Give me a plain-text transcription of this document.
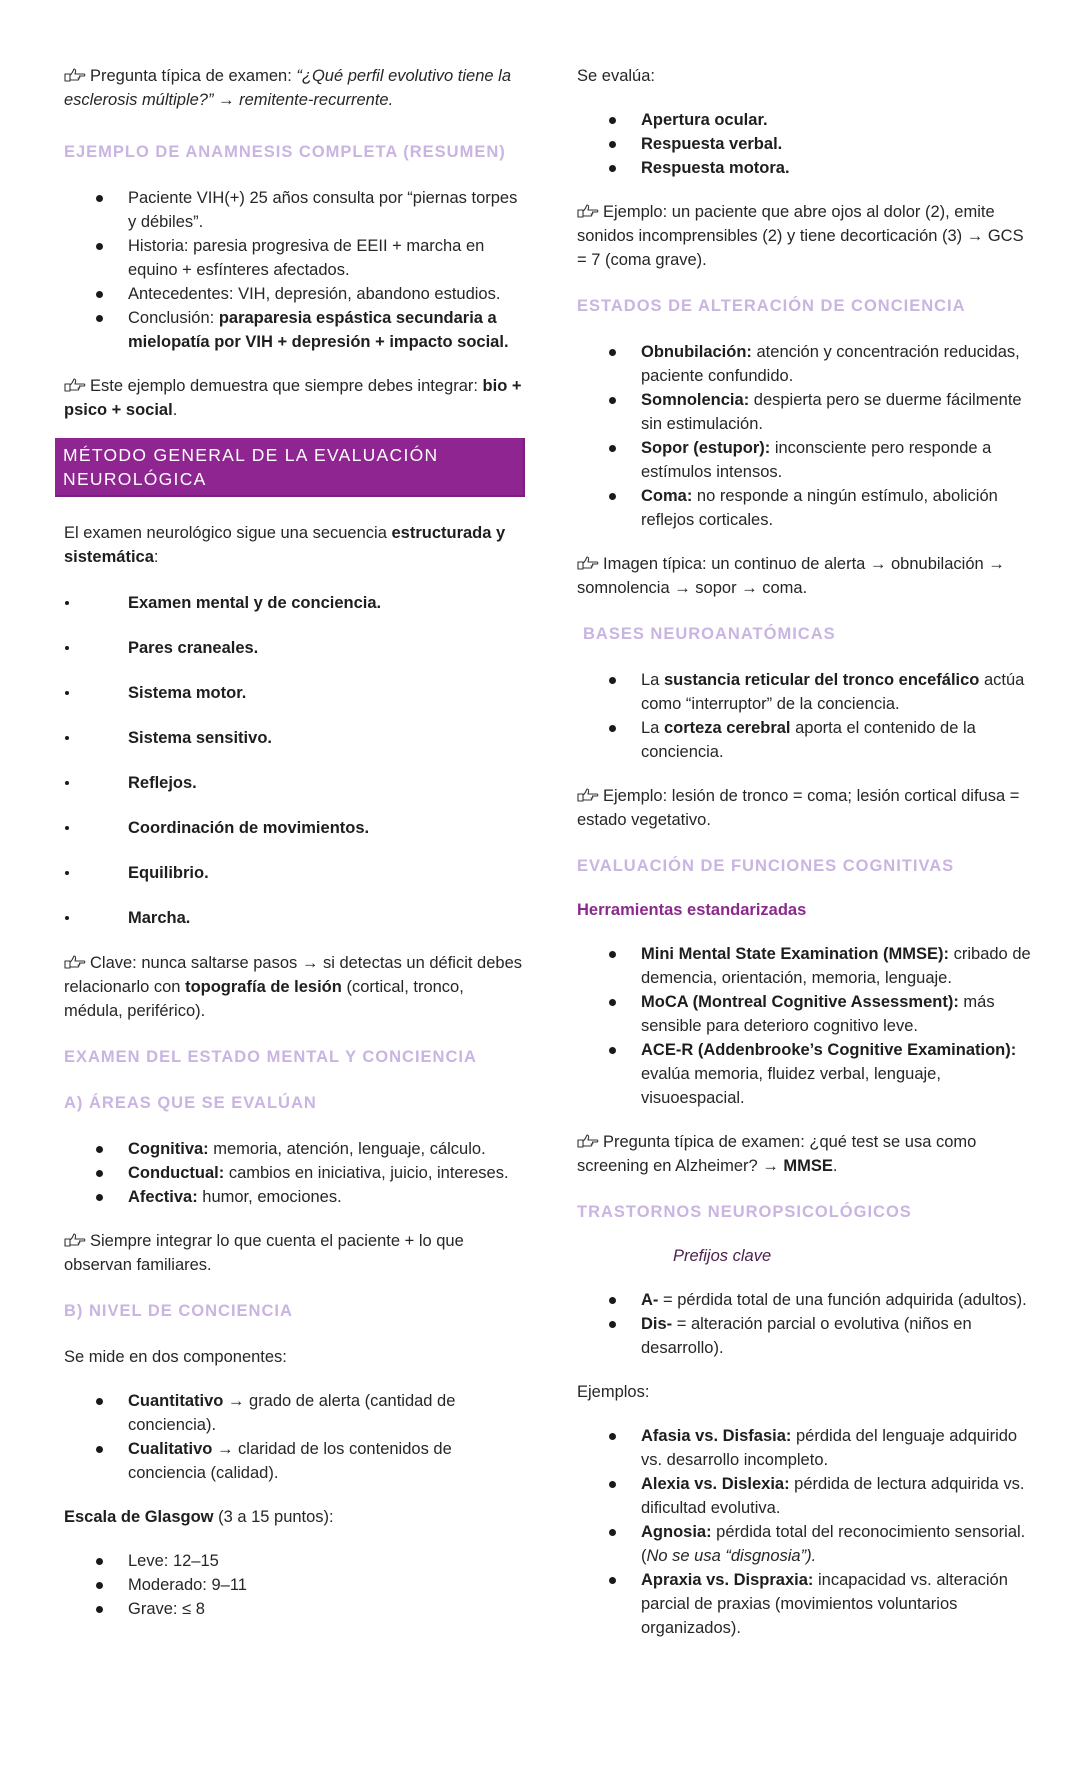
Pregunta típica de examen: “¿Qué perfil evolutivo tiene la esclerosis múltiple?” → remitente-recurrente.

EJEMPLO DE ANAMNESIS COMPLETA (RESUMEN)
Paciente VIH(+) 25 años consulta por “piernas torpes y débiles”.
Historia: paresia progresiva de EEII + marcha en equino + esfínteres afectados.
Antecedentes: VIH, depresión, abandono estudios.
Conclusión: paraparesia espástica secundaria a mielopatía por VIH + depresión + impacto social.

Este ejemplo demuestra que siempre debes integrar: bio + psico + social.

MÉTODO GENERAL DE LA EVALUACIÓN NEUROLÓGICA

El examen neurológico sigue una secuencia estructurada y sistemática:

Examen mental y de conciencia.
Pares craneales.
Sistema motor.
Sistema sensitivo.
Reflejos.
Coordinación de movimientos.
Equilibrio.
Marcha.

Clave: nunca saltarse pasos → si detectas un déficit debes relacionarlo con topografía de lesión (cortical, tronco, médula, periférico).

EXAMEN DEL ESTADO MENTAL Y CONCIENCIA
A) ÁREAS QUE SE EVALÚAN
Cognitiva: memoria, atención, lenguaje, cálculo.
Conductual: cambios en iniciativa, juicio, intereses.
Afectiva: humor, emociones.

Siempre integrar lo que cuenta el paciente + lo que observan familiares.

B) NIVEL DE CONCIENCIA

Se mide en dos componentes:

Cuantitativo → grado de alerta (cantidad de conciencia).
Cualitativo → claridad de los contenidos de conciencia (calidad).

Escala de Glasgow (3 a 15 puntos):

Leve: 12–15
Moderado: 9–11
Grave: ≤ 8

Se evalúa:

Apertura ocular.
Respuesta verbal.
Respuesta motora.

Ejemplo: un paciente que abre ojos al dolor (2), emite sonidos incomprensibles (2) y tiene decorticación (3) → GCS = 7 (coma grave).

ESTADOS DE ALTERACIÓN DE CONCIENCIA
Obnubilación: atención y concentración reducidas, paciente confundido.
Somnolencia: despierta pero se duerme fácilmente sin estimulación.
Sopor (estupor): inconsciente pero responde a estímulos intensos.
Coma: no responde a ningún estímulo, abolición reflejos corticales.

Imagen típica: un continuo de alerta → obnubilación → somnolencia → sopor → coma.

BASES NEUROANATÓMICAS
La sustancia reticular del tronco encefálico actúa como “interruptor” de la conciencia.
La corteza cerebral aporta el contenido de la conciencia.

Ejemplo: lesión de tronco = coma; lesión cortical difusa = estado vegetativo.

EVALUACIÓN DE FUNCIONES COGNITIVAS
Herramientas estandarizadas
Mini Mental State Examination (MMSE): cribado de demencia, orientación, memoria, lenguaje.
MoCA (Montreal Cognitive Assessment): más sensible para deterioro cognitivo leve.
ACE-R (Addenbrooke’s Cognitive Examination): evalúa memoria, fluidez verbal, lenguaje, visuoespacial.

Pregunta típica de examen: ¿qué test se usa como screening en Alzheimer? → MMSE.

TRASTORNOS NEUROPSICOLÓGICOS

Prefijos clave

A- = pérdida total de una función adquirida (adultos).
Dis- = alteración parcial o evolutiva (niños en desarrollo).

Ejemplos:

Afasia vs. Disfasia: pérdida del lenguaje adquirido vs. desarrollo incompleto.
Alexia vs. Dislexia: pérdida de lectura adquirida vs. dificultad evolutiva.
Agnosia: pérdida total del reconocimiento sensorial. (No se usa “disgnosia”).
Apraxia vs. Dispraxia: incapacidad vs. alteración parcial de praxias (movimientos voluntarios organizados).
